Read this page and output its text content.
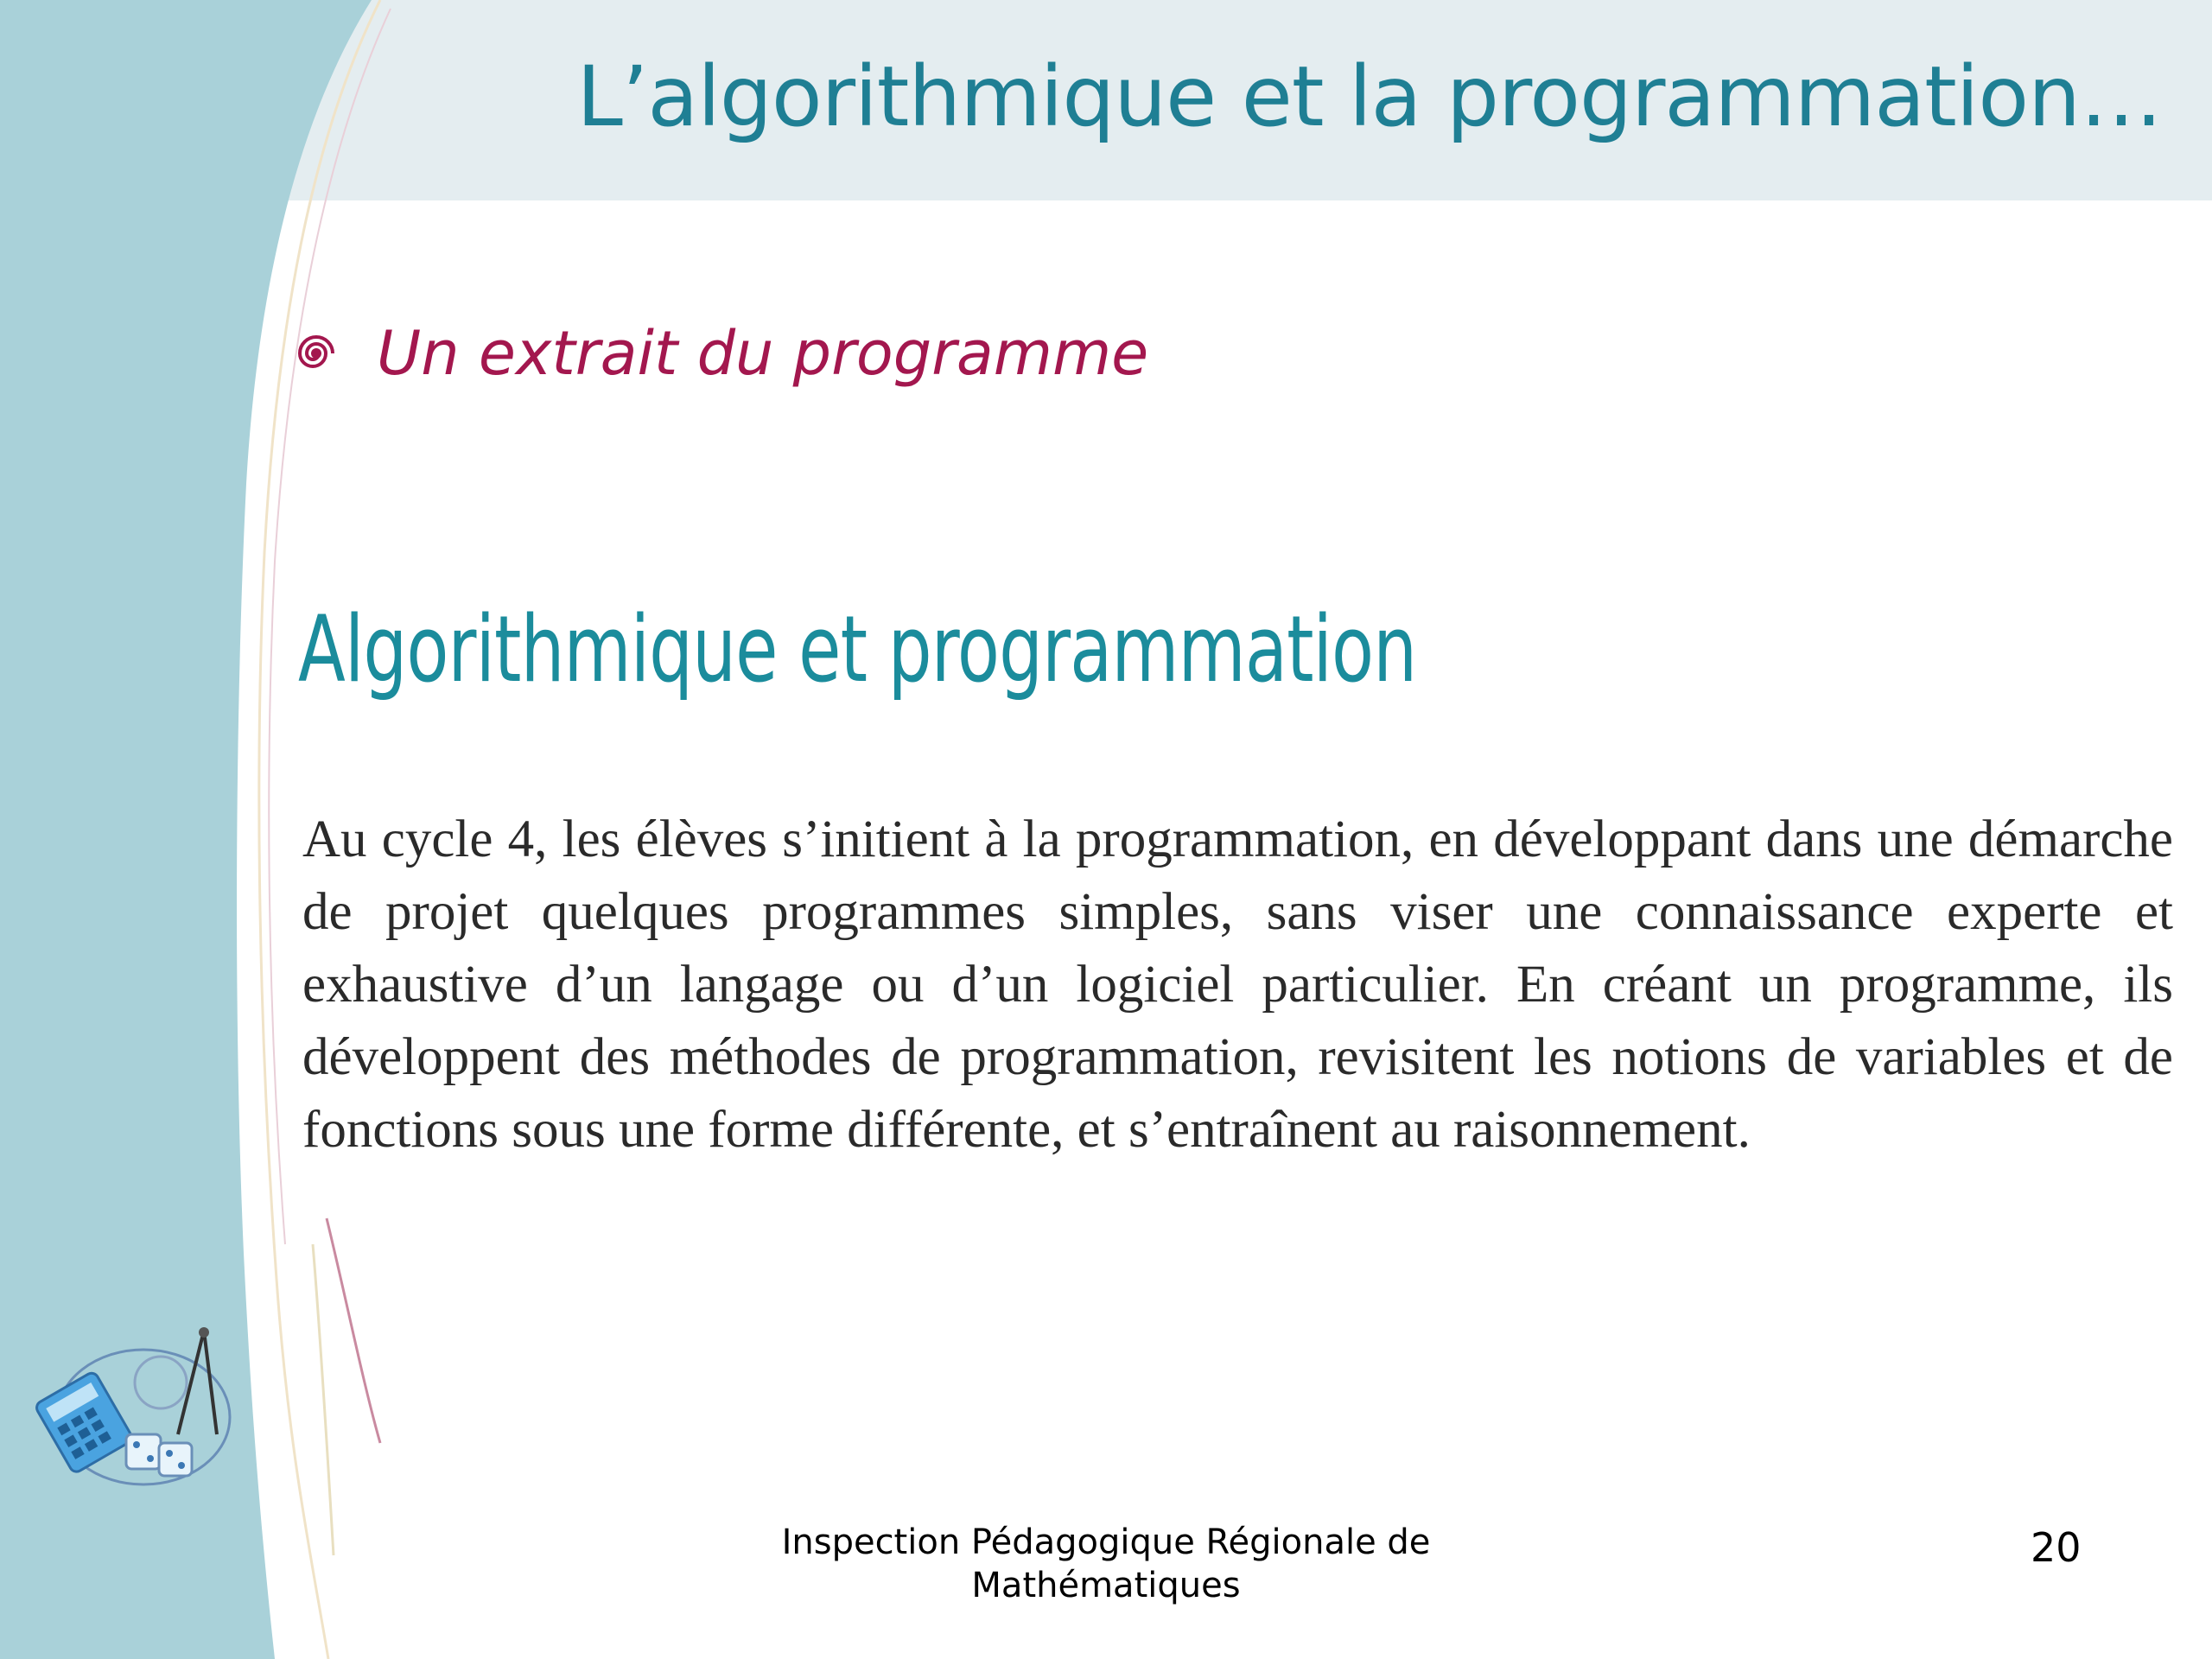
L’algorithmique et la programmation…
Un extrait du programme
Algorithmique et programmation
Au cycle 4, les élèves s’initient à la programmation, en développant dans une démarche de projet quelques programmes simples, sans viser une connaissance experte et exhaustive d’un langage ou d’un logiciel particulier. En créant un programme, ils développent des méthodes de programmation, revisitent les notions de variables et de fonctions sous une forme différente, et s’entraînent au raisonnement.
Inspection Pédagogique Régionale de Mathématiques
20
